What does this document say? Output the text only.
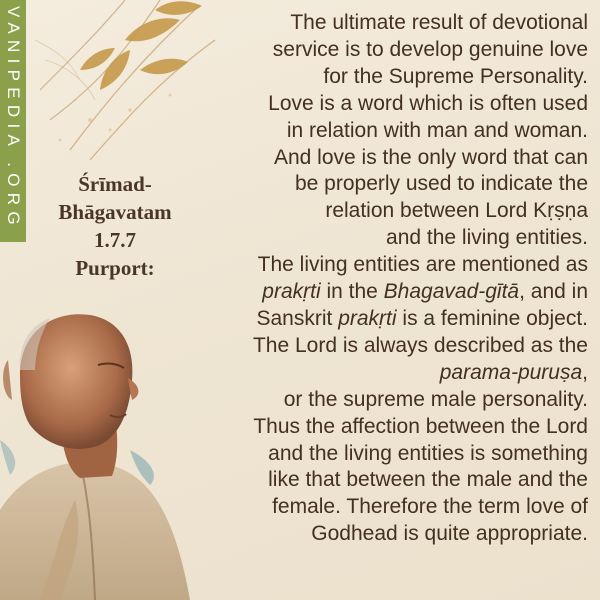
VANIPEDIA .ORG	Śrīmad-
Bhāgavatam
1.7.7
Purport:
The ultimate result of devotional
service is to develop genuine love
for the Supreme Personality.
Love is a word which is often used
in relation with man and woman.
And love is the only word that can
be properly used to indicate the
relation between Lord Kṛṣṇa
and the living entities.
The living entities are mentioned as
prakṛti in the Bhagavad-gītā, and in
Sanskrit prakṛti is a feminine object.
The Lord is always described as the
parama-puruṣa,
or the supreme male personality.
Thus the affection between the Lord
and the living entities is something
like that between the male and the
female. Therefore the term love of
Godhead is quite appropriate.
